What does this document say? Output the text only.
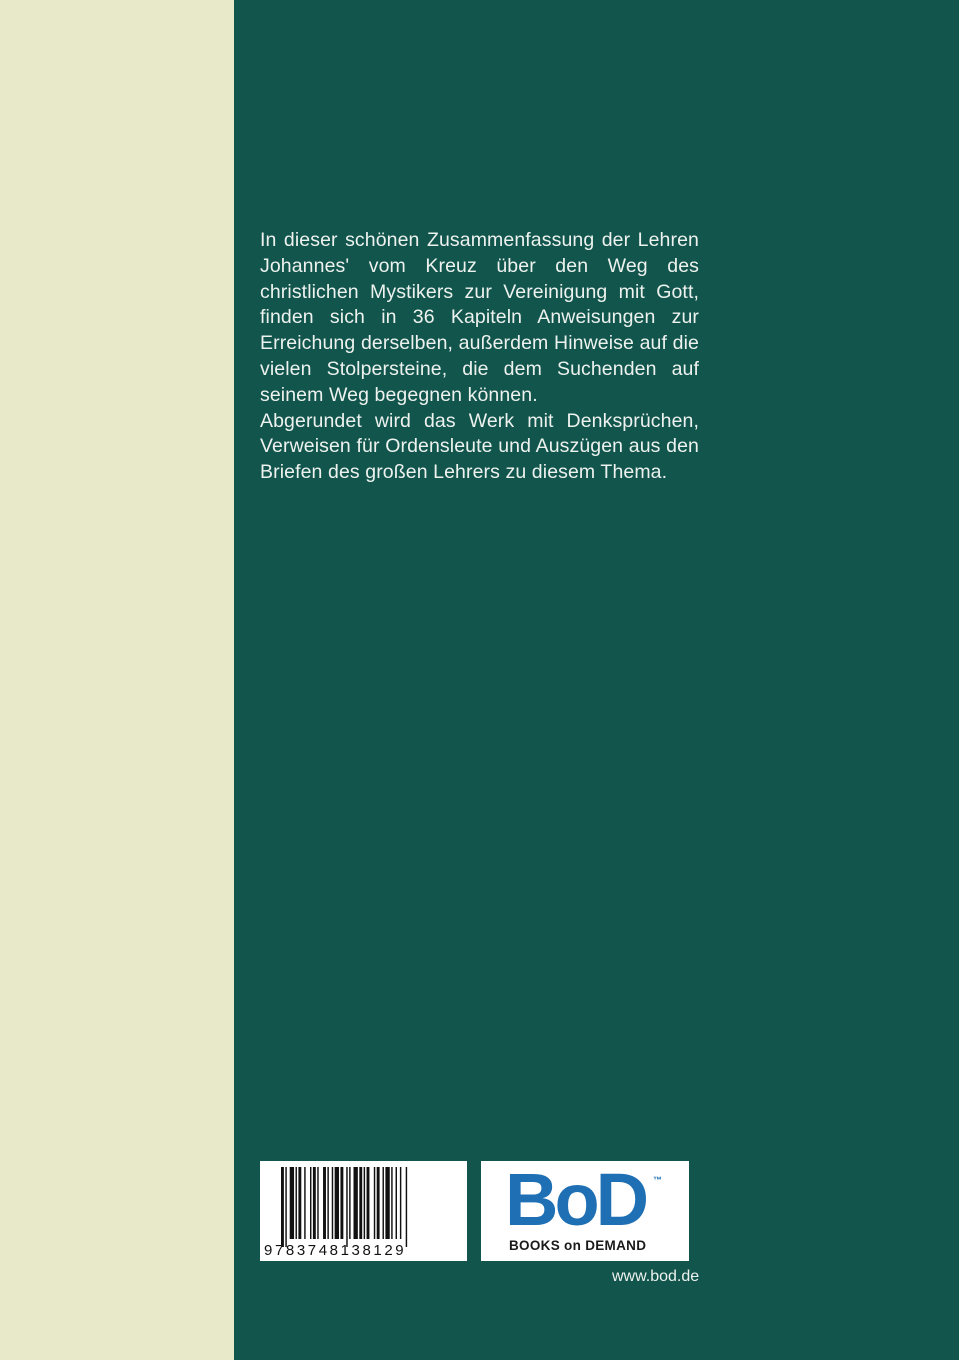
In dieser schönen Zusammenfassung der Lehren Johannes' vom Kreuz über den Weg des christlichen Mystikers zur Vereinigung mit Gott, finden sich in 36 Kapiteln Anweisungen zur Erreichung derselben, außerdem Hinweise auf die vielen Stolpersteine, die dem Suchenden auf seinem Weg begegnen können.

Abgerundet wird das Werk mit Denksprüchen, Verweisen für Ordensleute und Auszügen aus den Briefen des großen Lehrers zu diesem Thema.

9783748138129
BoD ™
BOOKS on DEMAND
www.bod.de
